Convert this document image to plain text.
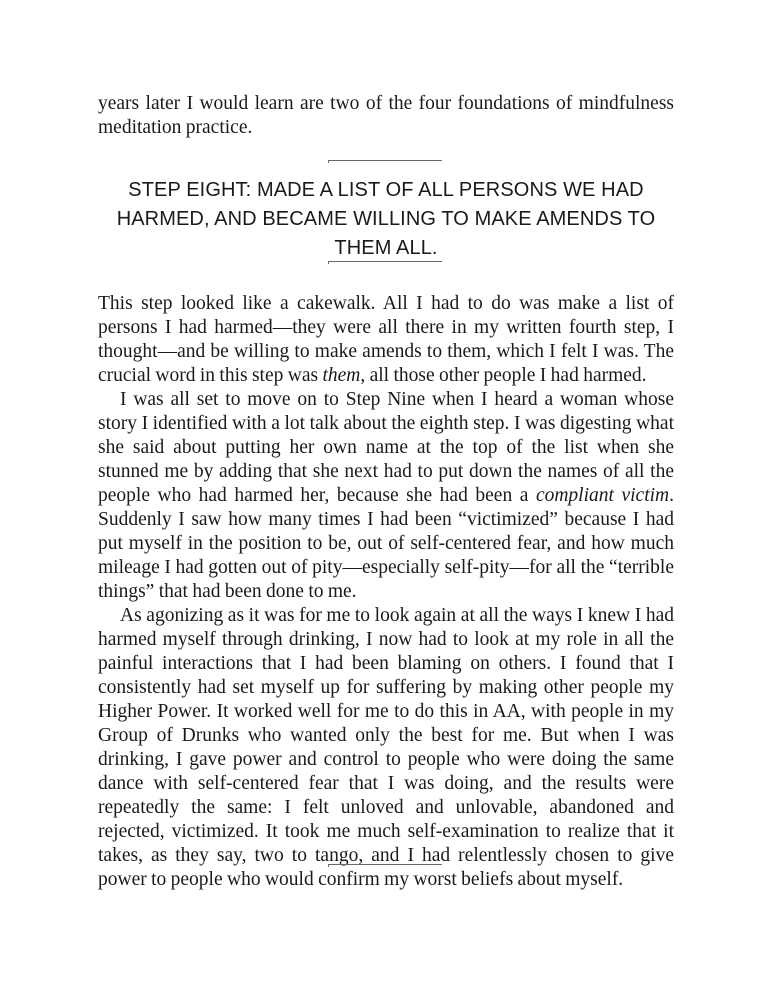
years later I would learn are two of the four foundations of mindfulness meditation practice.

STEP EIGHT: MADE A LIST OF ALL PERSONS WE HAD HARMED, AND BECAME WILLING TO MAKE AMENDS TO THEM ALL.

This step looked like a cakewalk. All I had to do was make a list of persons I had harmed—they were all there in my written fourth step, I thought—and be willing to make amends to them, which I felt I was. The crucial word in this step was them, all those other people I had harmed.

I was all set to move on to Step Nine when I heard a woman whose story I identified with a lot talk about the eighth step. I was digesting what she said about putting her own name at the top of the list when she stunned me by adding that she next had to put down the names of all the people who had harmed her, because she had been a compliant victim. Suddenly I saw how many times I had been “victimized” because I had put myself in the position to be, out of self-centered fear, and how much mileage I had gotten out of pity—especially self-pity—for all the “terrible things” that had been done to me.

As agonizing as it was for me to look again at all the ways I knew I had harmed myself through drinking, I now had to look at my role in all the painful interactions that I had been blaming on others. I found that I consistently had set myself up for suffering by making other people my Higher Power. It worked well for me to do this in AA, with people in my Group of Drunks who wanted only the best for me. But when I was drinking, I gave power and control to people who were doing the same dance with self-centered fear that I was doing, and the results were repeatedly the same: I felt unloved and unlovable, abandoned and rejected, victimized. It took me much self-examination to realize that it takes, as they say, two to tango, and I had relentlessly chosen to give power to people who would confirm my worst beliefs about myself.
